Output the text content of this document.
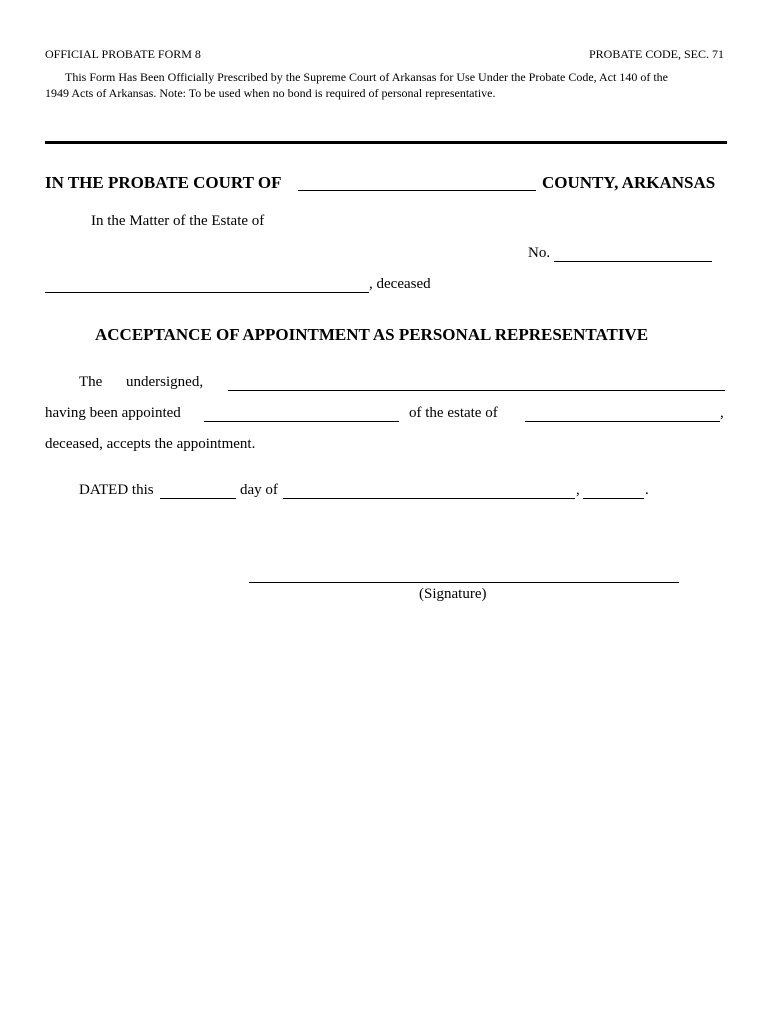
OFFICIAL PROBATE FORM 8	PROBATE CODE, SEC. 71
This Form Has Been Officially Prescribed by the Supreme Court of Arkansas for Use Under the Probate Code, Act 140 of the
1949 Acts of Arkansas. Note: To be used when no bond is required of personal representative.
IN THE PROBATE COURT OF	COUNTY, ARKANSAS
In the Matter of the Estate of
No.
, deceased
ACCEPTANCE OF APPOINTMENT AS PERSONAL REPRESENTATIVE
The undersigned,
having been appointed	of the estate of	,
deceased, accepts the appointment.
DATED this	day of	,	.
(Signature)
